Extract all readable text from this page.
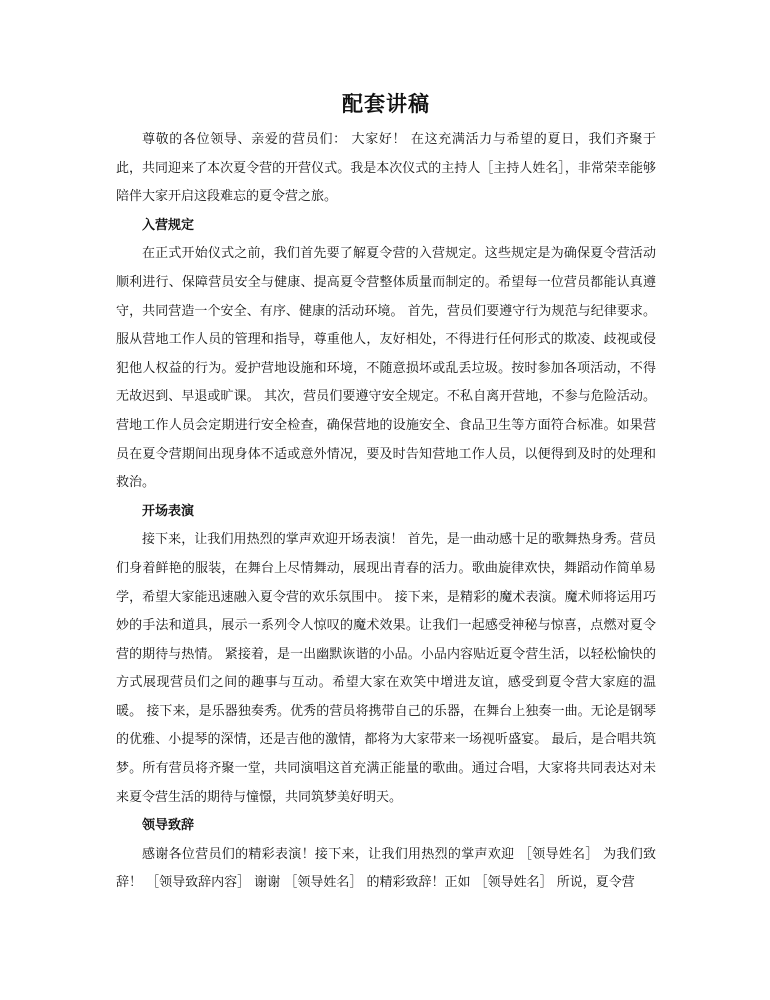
配套讲稿

尊敬的各位领导、亲爱的营员们： 大家好！ 在这充满活力与希望的夏日，我们齐聚于此，共同迎来了本次夏令营的开营仪式。我是本次仪式的主持人［主持人姓名］，非常荣幸能够陪伴大家开启这段难忘的夏令营之旅。

入营规定

在正式开始仪式之前，我们首先要了解夏令营的入营规定。这些规定是为确保夏令营活动顺利进行、保障营员安全与健康、提高夏令营整体质量而制定的。希望每一位营员都能认真遵守，共同营造一个安全、有序、健康的活动环境。 首先，营员们要遵守行为规范与纪律要求。服从营地工作人员的管理和指导，尊重他人，友好相处，不得进行任何形式的欺凌、歧视或侵犯他人权益的行为。爱护营地设施和环境，不随意损坏或乱丢垃圾。按时参加各项活动，不得无故迟到、早退或旷课。 其次，营员们要遵守安全规定。不私自离开营地，不参与危险活动。营地工作人员会定期进行安全检查，确保营地的设施安全、食品卫生等方面符合标准。如果营员在夏令营期间出现身体不适或意外情况，要及时告知营地工作人员，以便得到及时的处理和救治。

开场表演

接下来，让我们用热烈的掌声欢迎开场表演！ 首先，是一曲动感十足的歌舞热身秀。营员们身着鲜艳的服装，在舞台上尽情舞动，展现出青春的活力。歌曲旋律欢快，舞蹈动作简单易学，希望大家能迅速融入夏令营的欢乐氛围中。 接下来，是精彩的魔术表演。魔术师将运用巧妙的手法和道具，展示一系列令人惊叹的魔术效果。让我们一起感受神秘与惊喜，点燃对夏令营的期待与热情。 紧接着，是一出幽默诙谐的小品。小品内容贴近夏令营生活，以轻松愉快的方式展现营员们之间的趣事与互动。希望大家在欢笑中增进友谊，感受到夏令营大家庭的温暖。 接下来，是乐器独奏秀。优秀的营员将携带自己的乐器，在舞台上独奏一曲。无论是钢琴的优雅、小提琴的深情，还是吉他的激情，都将为大家带来一场视听盛宴。 最后，是合唱共筑梦。所有营员将齐聚一堂，共同演唱这首充满正能量的歌曲。通过合唱，大家将共同表达对未来夏令营生活的期待与憧憬，共同筑梦美好明天。

领导致辞

感谢各位营员们的精彩表演！接下来，让我们用热烈的掌声欢迎 ［领导姓名］ 为我们致辞！ ［领导致辞内容］ 谢谢 ［领导姓名］ 的精彩致辞！正如 ［领导姓名］ 所说，夏令营
